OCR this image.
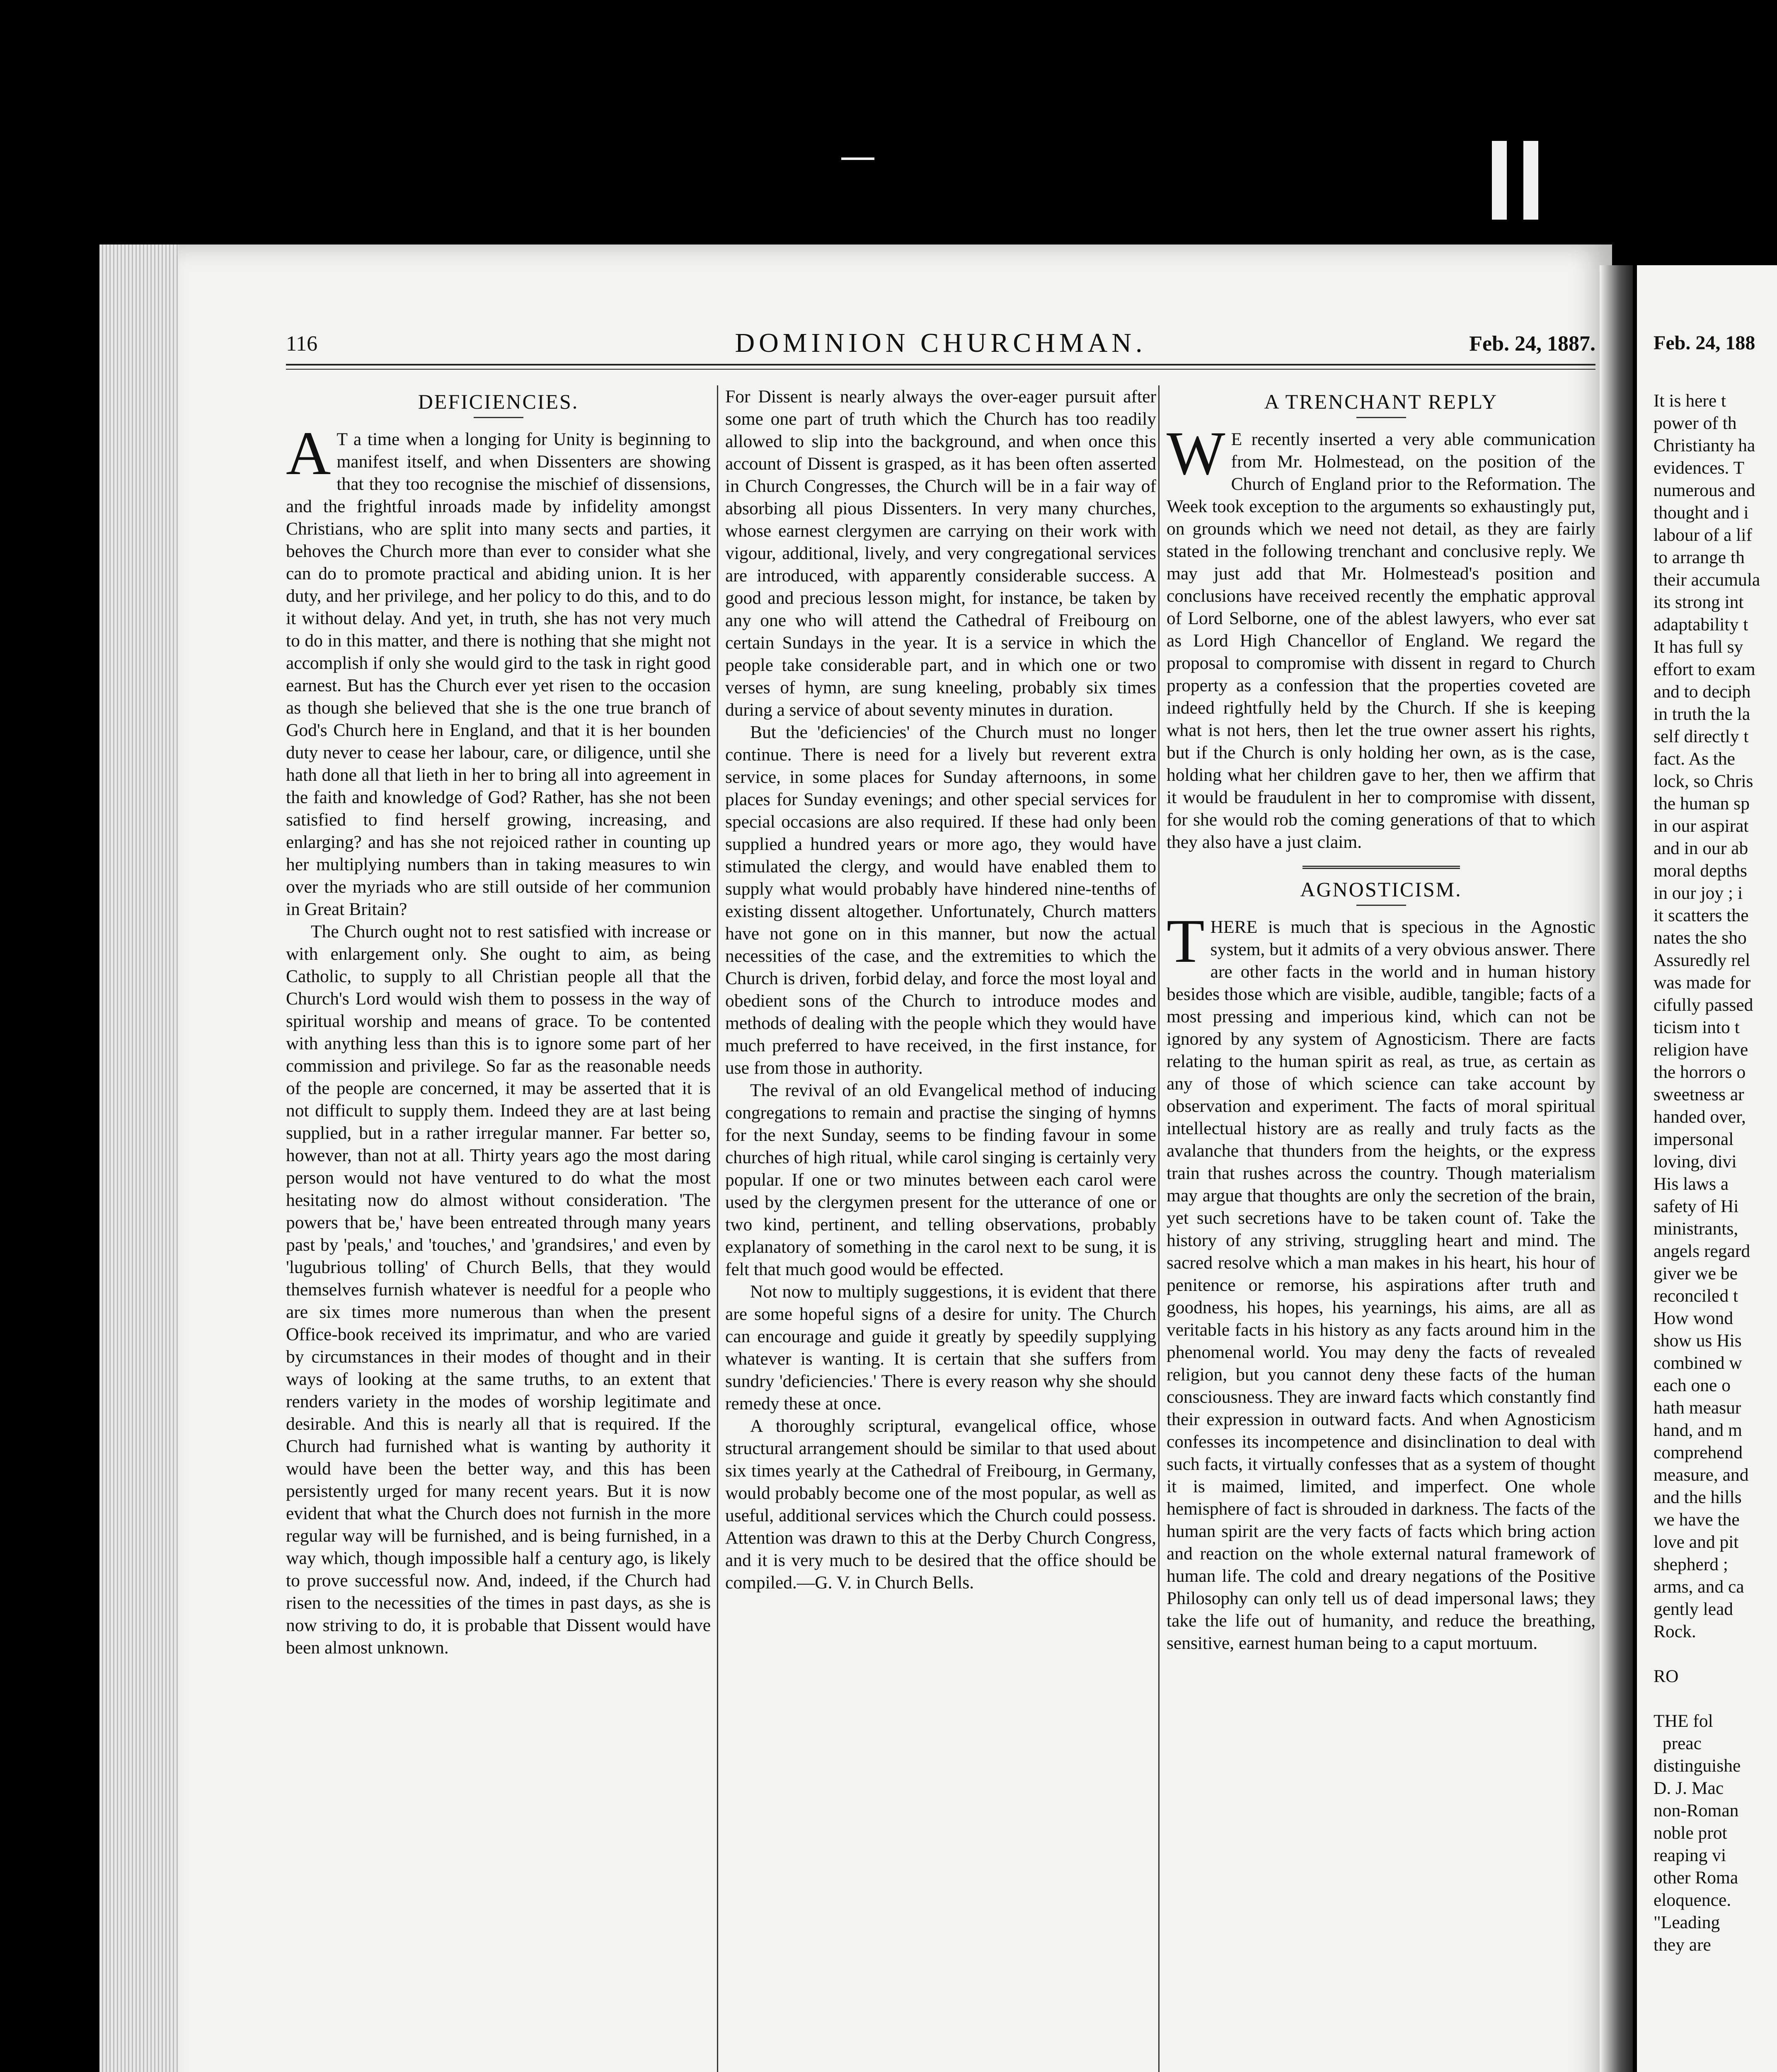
Feb. 24, 188
It is here t
power of th
Christianty ha
evidences. T
numerous and
thought and i
labour of a lif
to arrange th
their accumula
its strong int
adaptability t
It has full sy
effort to exam
and to deciph
in truth the la
self directly t
fact. As the
lock, so Chris
the human sp
in our aspirat
and in our ab
moral depths
in our joy ; i
it scatters the
nates the sho
Assuredly rel
was made for
cifully passed
ticism into t
religion have
the horrors o
sweetness ar
handed over,
impersonal
loving, divi
His laws a
safety of Hi
ministrants,
angels regard
giver we be
reconciled t
How wond
show us His
combined w
each one o
hath measur
hand, and m
comprehend
measure, and
and the hills
we have the
love and pit
shepherd ;
arms, and ca
gently lead
Rock.

RO

THE fol
preac
distinguishe
D. J. Mac
non-Roman
noble prot
reaping vi
other Roma
eloquence.
"Leading
they are
116	DOMINION CHURCHMAN.	Feb. 24, 1887.
DEFICIENCIES.

A T a time when a longing for Unity is beginning to manifest itself, and when Dissenters are showing that they too recognise the mischief of dissensions, and the frightful inroads made by infidelity amongst Christians, who are split into many sects and parties, it behoves the Church more than ever to consider what she can do to promote practical and abiding union. It is her duty, and her privilege, and her policy to do this, and to do it without delay. And yet, in truth, she has not very much to do in this matter, and there is nothing that she might not accomplish if only she would gird to the task in right good earnest. But has the Church ever yet risen to the occasion as though she believed that she is the one true branch of God's Church here in England, and that it is her bounden duty never to cease her labour, care, or diligence, until she hath done all that lieth in her to bring all into agreement in the faith and knowledge of God? Rather, has she not been satisfied to find herself growing, increasing, and enlarging? and has she not rejoiced rather in counting up her multiplying numbers than in taking measures to win over the myriads who are still outside of her communion in Great Britain?

The Church ought not to rest satisfied with increase or with enlargement only. She ought to aim, as being Catholic, to supply to all Christian people all that the Church's Lord would wish them to possess in the way of spiritual worship and means of grace. To be contented with anything less than this is to ignore some part of her commission and privilege. So far as the reasonable needs of the people are concerned, it may be asserted that it is not difficult to supply them. Indeed they are at last being supplied, but in a rather irregular manner. Far better so, however, than not at all. Thirty years ago the most daring person would not have ventured to do what the most hesitating now do almost without consideration. 'The powers that be,' have been entreated through many years past by 'peals,' and 'touches,' and 'grandsires,' and even by 'lugubrious tolling' of Church Bells, that they would themselves furnish whatever is needful for a people who are six times more numerous than when the present Office-book received its imprimatur, and who are varied by circumstances in their modes of thought and in their ways of looking at the same truths, to an extent that renders variety in the modes of worship legitimate and desirable. And this is nearly all that is required. If the Church had furnished what is wanting by authority it would have been the better way, and this has been persistently urged for many recent years. But it is now evident that what the Church does not furnish in the more regular way will be furnished, and is being furnished, in a way which, though impossible half a century ago, is likely to prove successful now. And, indeed, if the Church had risen to the necessities of the times in past days, as she is now striving to do, it is probable that Dissent would have been almost unknown.

For Dissent is nearly always the over-eager pursuit after some one part of truth which the Church has too readily allowed to slip into the background, and when once this account of Dissent is grasped, as it has been often asserted in Church Congresses, the Church will be in a fair way of absorbing all pious Dissenters. In very many churches, whose earnest clergymen are carrying on their work with vigour, additional, lively, and very congregational services are introduced, with apparently considerable success. A good and precious lesson might, for instance, be taken by any one who will attend the Cathedral of Freibourg on certain Sundays in the year. It is a service in which the people take considerable part, and in which one or two verses of hymn, are sung kneeling, probably six times during a service of about seventy minutes in duration.

But the 'deficiencies' of the Church must no longer continue. There is need for a lively but reverent extra service, in some places for Sunday afternoons, in some places for Sunday evenings; and other special services for special occasions are also required. If these had only been supplied a hundred years or more ago, they would have stimulated the clergy, and would have enabled them to supply what would probably have hindered nine-tenths of existing dissent altogether. Unfortunately, Church matters have not gone on in this manner, but now the actual necessities of the case, and the extremities to which the Church is driven, forbid delay, and force the most loyal and obedient sons of the Church to introduce modes and methods of dealing with the people which they would have much preferred to have received, in the first instance, for use from those in authority.

The revival of an old Evangelical method of inducing congregations to remain and practise the singing of hymns for the next Sunday, seems to be finding favour in some churches of high ritual, while carol singing is certainly very popular. If one or two minutes between each carol were used by the clergymen present for the utterance of one or two kind, pertinent, and telling observations, probably explanatory of something in the carol next to be sung, it is felt that much good would be effected.

Not now to multiply suggestions, it is evident that there are some hopeful signs of a desire for unity. The Church can encourage and guide it greatly by speedily supplying whatever is wanting. It is certain that she suffers from sundry 'deficiencies.' There is every reason why she should remedy these at once.

A thoroughly scriptural, evangelical office, whose structural arrangement should be similar to that used about six times yearly at the Cathedral of Freibourg, in Germany, would probably become one of the most popular, as well as useful, additional services which the Church could possess. Attention was drawn to this at the Derby Church Congress, and it is very much to be desired that the office should be compiled.—G. V. in Church Bells.

A TRENCHANT REPLY

W E recently inserted a very able communication from Mr. Holmestead, on the position of the Church of England prior to the Reformation. The Week took exception to the arguments so exhaustingly put, on grounds which we need not detail, as they are fairly stated in the following trenchant and conclusive reply. We may just add that Mr. Holmestead's position and conclusions have received recently the emphatic approval of Lord Selborne, one of the ablest lawyers, who ever sat as Lord High Chancellor of England. We regard the proposal to compromise with dissent in regard to Church property as a confession that the properties coveted are indeed rightfully held by the Church. If she is keeping what is not hers, then let the true owner assert his rights, but if the Church is only holding her own, as is the case, holding what her children gave to her, then we affirm that it would be fraudulent in her to compromise with dissent, for she would rob the coming generations of that to which they also have a just claim.

AGNOSTICISM.

THERE is much that is specious in the Agnostic system, but it admits of a very obvious answer. There are other facts in the world and in human history besides those which are visible, audible, tangible; facts of a most pressing and imperious kind, which can not be ignored by any system of Agnosticism. There are facts relating to the human spirit as real, as true, as certain as any of those of which science can take account by observation and experiment. The facts of moral spiritual intellectual history are as really and truly facts as the avalanche that thunders from the heights, or the express train that rushes across the country. Though materialism may argue that thoughts are only the secretion of the brain, yet such secretions have to be taken count of. Take the history of any striving, struggling heart and mind. The sacred resolve which a man makes in his heart, his hour of penitence or remorse, his aspirations after truth and goodness, his hopes, his yearnings, his aims, are all as veritable facts in his history as any facts around him in the phenomenal world. You may deny the facts of revealed religion, but you cannot deny these facts of the human consciousness. They are inward facts which constantly find their expression in outward facts. And when Agnosticism confesses its incompetence and disinclination to deal with such facts, it virtually confesses that as a system of thought it is maimed, limited, and imperfect. One whole hemisphere of fact is shrouded in darkness. The facts of the human spirit are the very facts of facts which bring action and reaction on the whole external natural framework of human life. The cold and dreary negations of the Positive Philosophy can only tell us of dead impersonal laws; they take the life out of humanity, and reduce the breathing, sensitive, earnest human being to a caput mortuum.
